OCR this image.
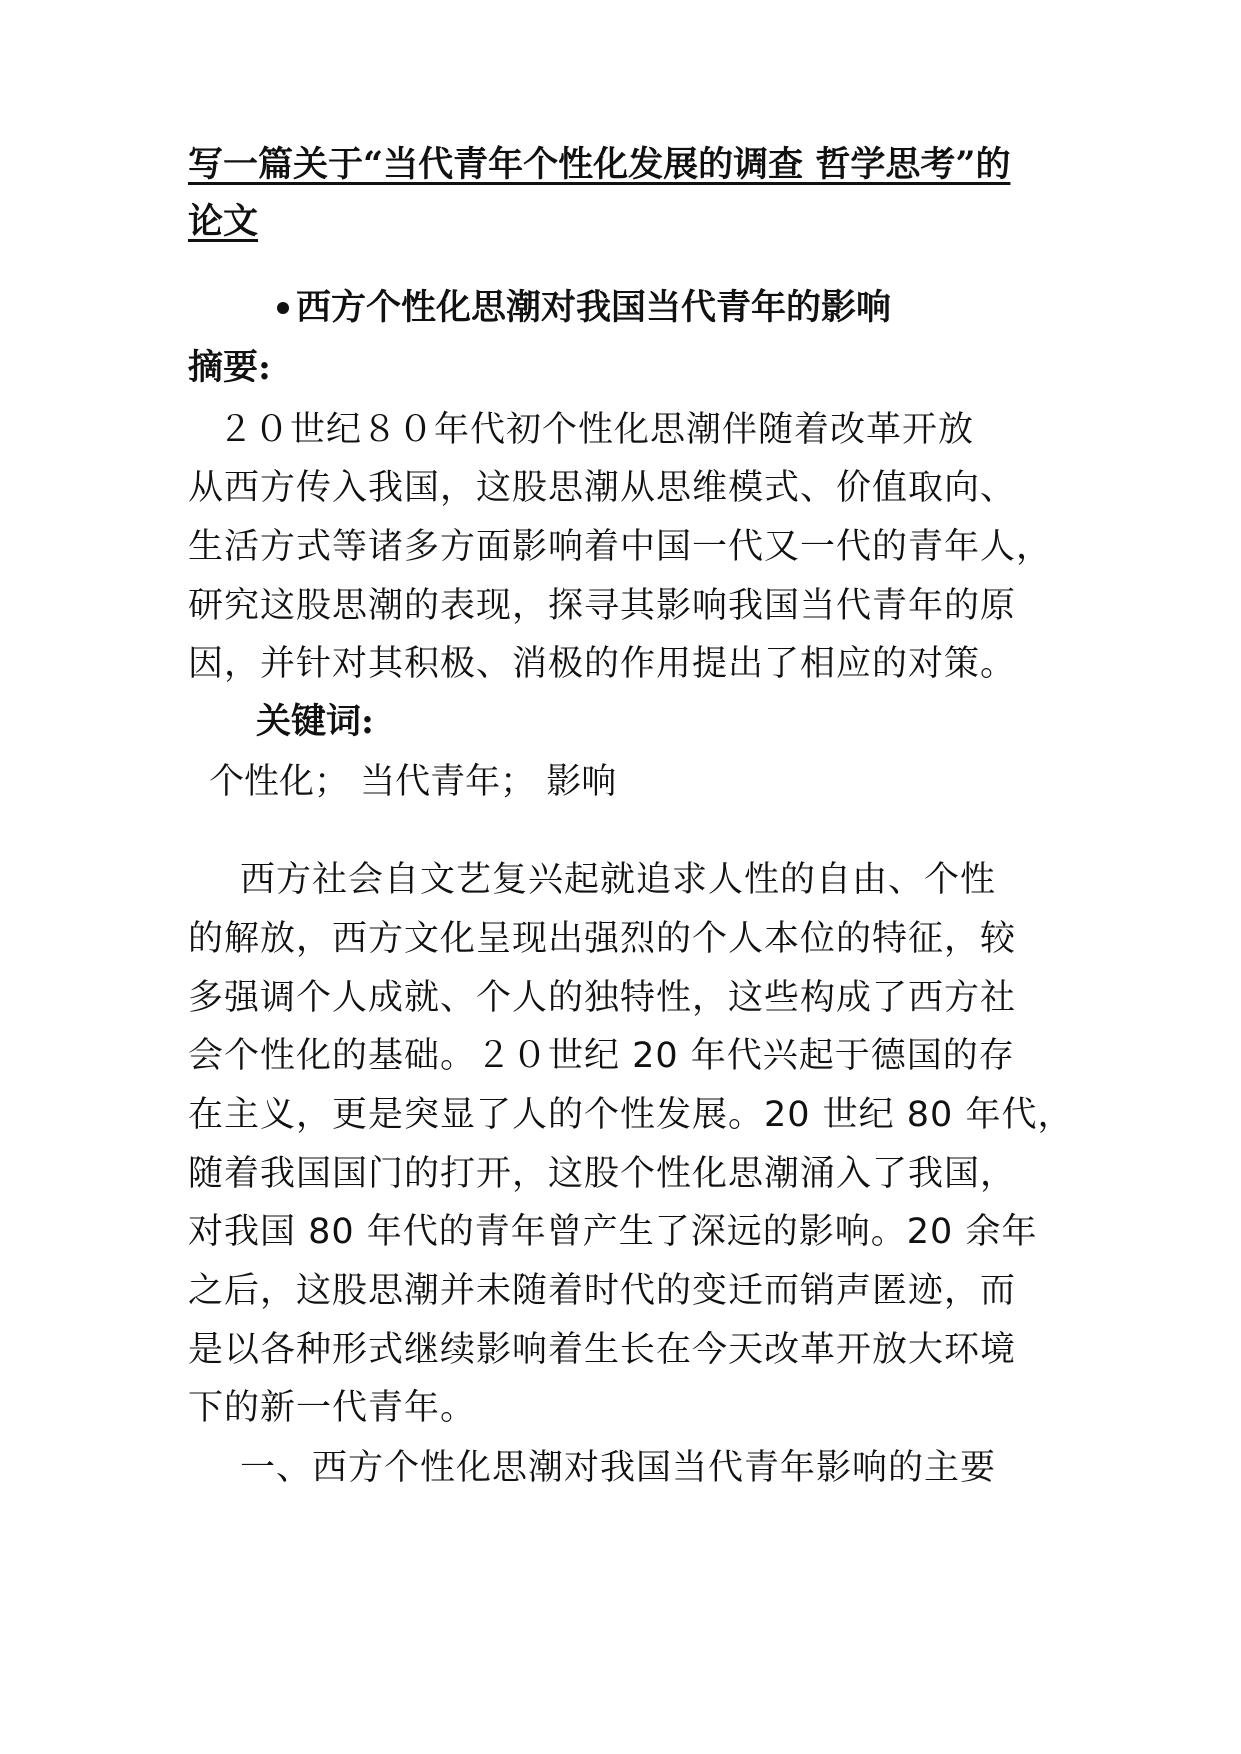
写一篇关于“当代青年个性化发展的调查 哲学思考”的
论文
西方个性化思潮对我国当代青年的影响
摘要:
２０世纪８０年代初个性化思潮伴随着改革开放
从西方传入我国，这股思潮从思维模式、价值取向、
生活方式等诸多方面影响着中国一代又一代的青年人，
研究这股思潮的表现，探寻其影响我国当代青年的原
因，并针对其积极、消极的作用提出了相应的对策。
关键词:
个性化； 当代青年； 影响
西方社会自文艺复兴起就追求人性的自由、个性
的解放，西方文化呈现出强烈的个人本位的特征，较
多强调个人成就、个人的独特性，这些构成了西方社
会个性化的基础。２０世纪 20 年代兴起于德国的存
在主义，更是突显了人的个性发展。20 世纪 80 年代，
随着我国国门的打开，这股个性化思潮涌入了我国，
对我国 80 年代的青年曾产生了深远的影响。20 余年
之后，这股思潮并未随着时代的变迁而销声匿迹，而
是以各种形式继续影响着生长在今天改革开放大环境
下的新一代青年。
一、西方个性化思潮对我国当代青年影响的主要
